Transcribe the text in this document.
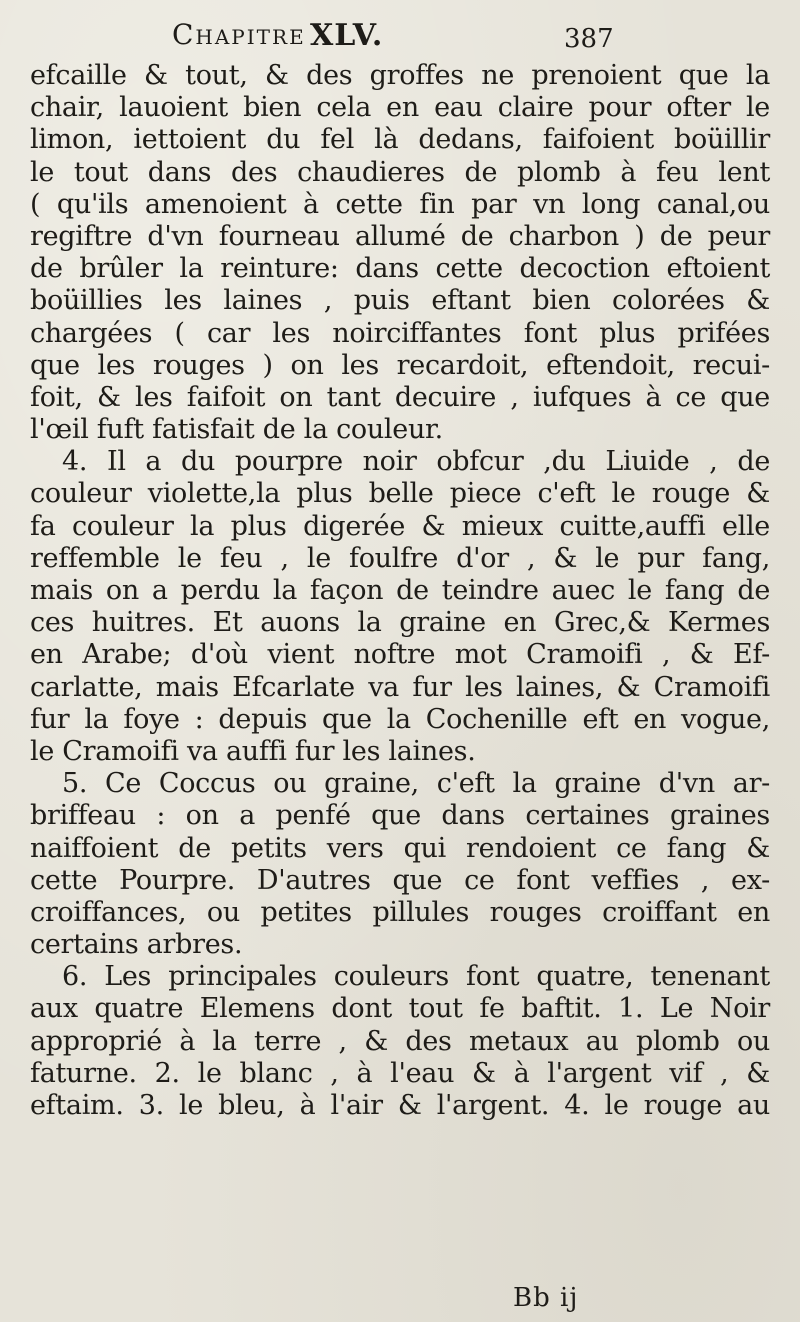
Chapitre XLV.	387
efcaille & tout, & des groffes ne prenoient que la
chair, lauoient bien cela en eau claire pour ofter le
limon, iettoient du fel là dedans, faifoient boüillir
le tout dans des chaudieres de plomb à feu lent
( qu'ils amenoient à cette fin par vn long canal,ou
regiftre d'vn fourneau allumé de charbon ) de peur
de brûler la reinture: dans cette decoction eftoient
boüillies les laines , puis eftant bien colorées &
chargées ( car les noirciffantes font plus prifées
que les rouges ) on les recardoit, eftendoit, recui-
foit, & les faifoit on tant decuire , iufques à ce que
l'œil fuft fatisfait de la couleur.
4. Il a du pourpre noir obfcur ,du Liuide , de
couleur violette,la plus belle piece c'eft le rouge &
fa couleur la plus digerée & mieux cuitte,auffi elle
reffemble le feu , le foulfre d'or , & le pur fang,
mais on a perdu la façon de teindre auec le fang de
ces huitres. Et auons la graine en Grec,& Kermes
en Arabe; d'où vient noftre mot Cramoifi , & Ef-
carlatte, mais Efcarlate va fur les laines, & Cramoifi
fur la foye : depuis que la Cochenille eft en vogue,
le Cramoifi va auffi fur les laines.
5. Ce Coccus ou graine, c'eft la graine d'vn ar-
briffeau : on a penfé que dans certaines graines
naiffoient de petits vers qui rendoient ce fang &
cette Pourpre. D'autres que ce font veffies , ex-
croiffances, ou petites pillules rouges croiffant en
certains arbres.
6. Les principales couleurs font quatre, tenenant
aux quatre Elemens dont tout fe baftit. 1. Le Noir
approprié à la terre , & des metaux au plomb ou
faturne. 2. le blanc , à l'eau & à l'argent vif , &
eftaim. 3. le bleu, à l'air & l'argent. 4. le rouge au
Bb ij
